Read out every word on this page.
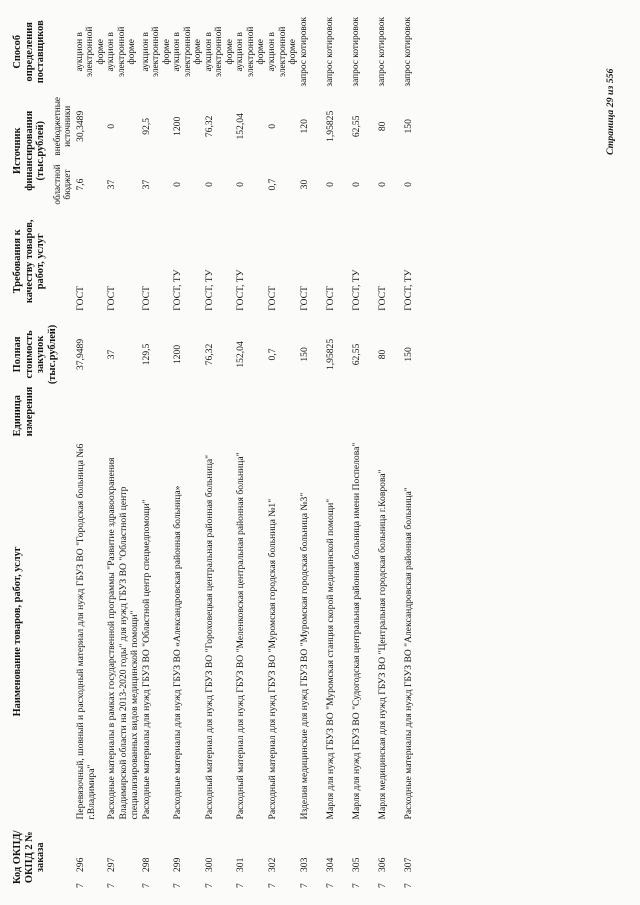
Код ОКПД/ ОКПД 2 № заказа	Наименование товаров, работ, услуг	Единица измерения	Полная стоимость закупок (тыс.рублей)	Требования к качеству товаров, работ, услуг	Источник финансирования (тыс.рублей)		Способ определения поставщиков
					областной бюджет	внебюджетные источники	
7296	Перевязочный, шовный и расходный материал для нужд ГБУЗ ВО "Городская больница №6 г.Владимира"		37,9489	ГОСТ	7,6	30,3489	аукцион в электронной форме
7297	Расходные материалы в рамках государственной программы "Развитие здравоохранения Владимирской области на 2013-2020 годы" для нужд ГБУЗ ВО "Областной центр специализированных видов медицинской помощи"		37	ГОСТ	37	0	аукцион в электронной форме
7298	Расходные материалы для нужд ГБУЗ ВО "Областной центр спецмедпомощи"		129,5	ГОСТ	37	92,5	аукцион в электронной форме
7299	Расходные материалы для нужд ГБУЗ ВО «Александровская районная больница»		1200	ГОСТ, ТУ	0	1200	аукцион в электронной форме
7300	Расходный материал для нужд ГБУЗ ВО "Гороховецкая центральная районная больница"		76,32	ГОСТ, ТУ	0	76,32	аукцион в электронной форме
7301	Расходный материал для нужд ГБУЗ ВО "Меленковская центральная районная больница"		152,04	ГОСТ, ТУ	0	152,04	аукцион в электронной форме
7302	Расходный материал для нужд ГБУЗ ВО "Муромская городская больница №1"		0,7	ГОСТ	0,7	0	аукцион в электронной форме
7303	Изделия медицинские для нужд ГБУЗ ВО "Муромская городская больница №3"		150	ГОСТ	30	120	запрос котировок
7304	Марля для нужд ГБУЗ ВО "Муромская станция скорой медицинской помощи"		1,95825	ГОСТ	0	1,95825	запрос котировок
7305	Марля для нужд ГБУЗ ВО "Судогодская центральная районная больница имени Поспелова"		62,55	ГОСТ, ТУ	0	62,55	запрос котировок
7306	Марля медицинская для нужд ГБУЗ ВО "Центральная городская больница г.Коврова"		80	ГОСТ	0	80	запрос котировок
7307	Расходные материалы для нужд ГБУЗ ВО "Александровская районная больница"		150	ГОСТ, ТУ	0	150	запрос котировок
Страница 29 из 556
